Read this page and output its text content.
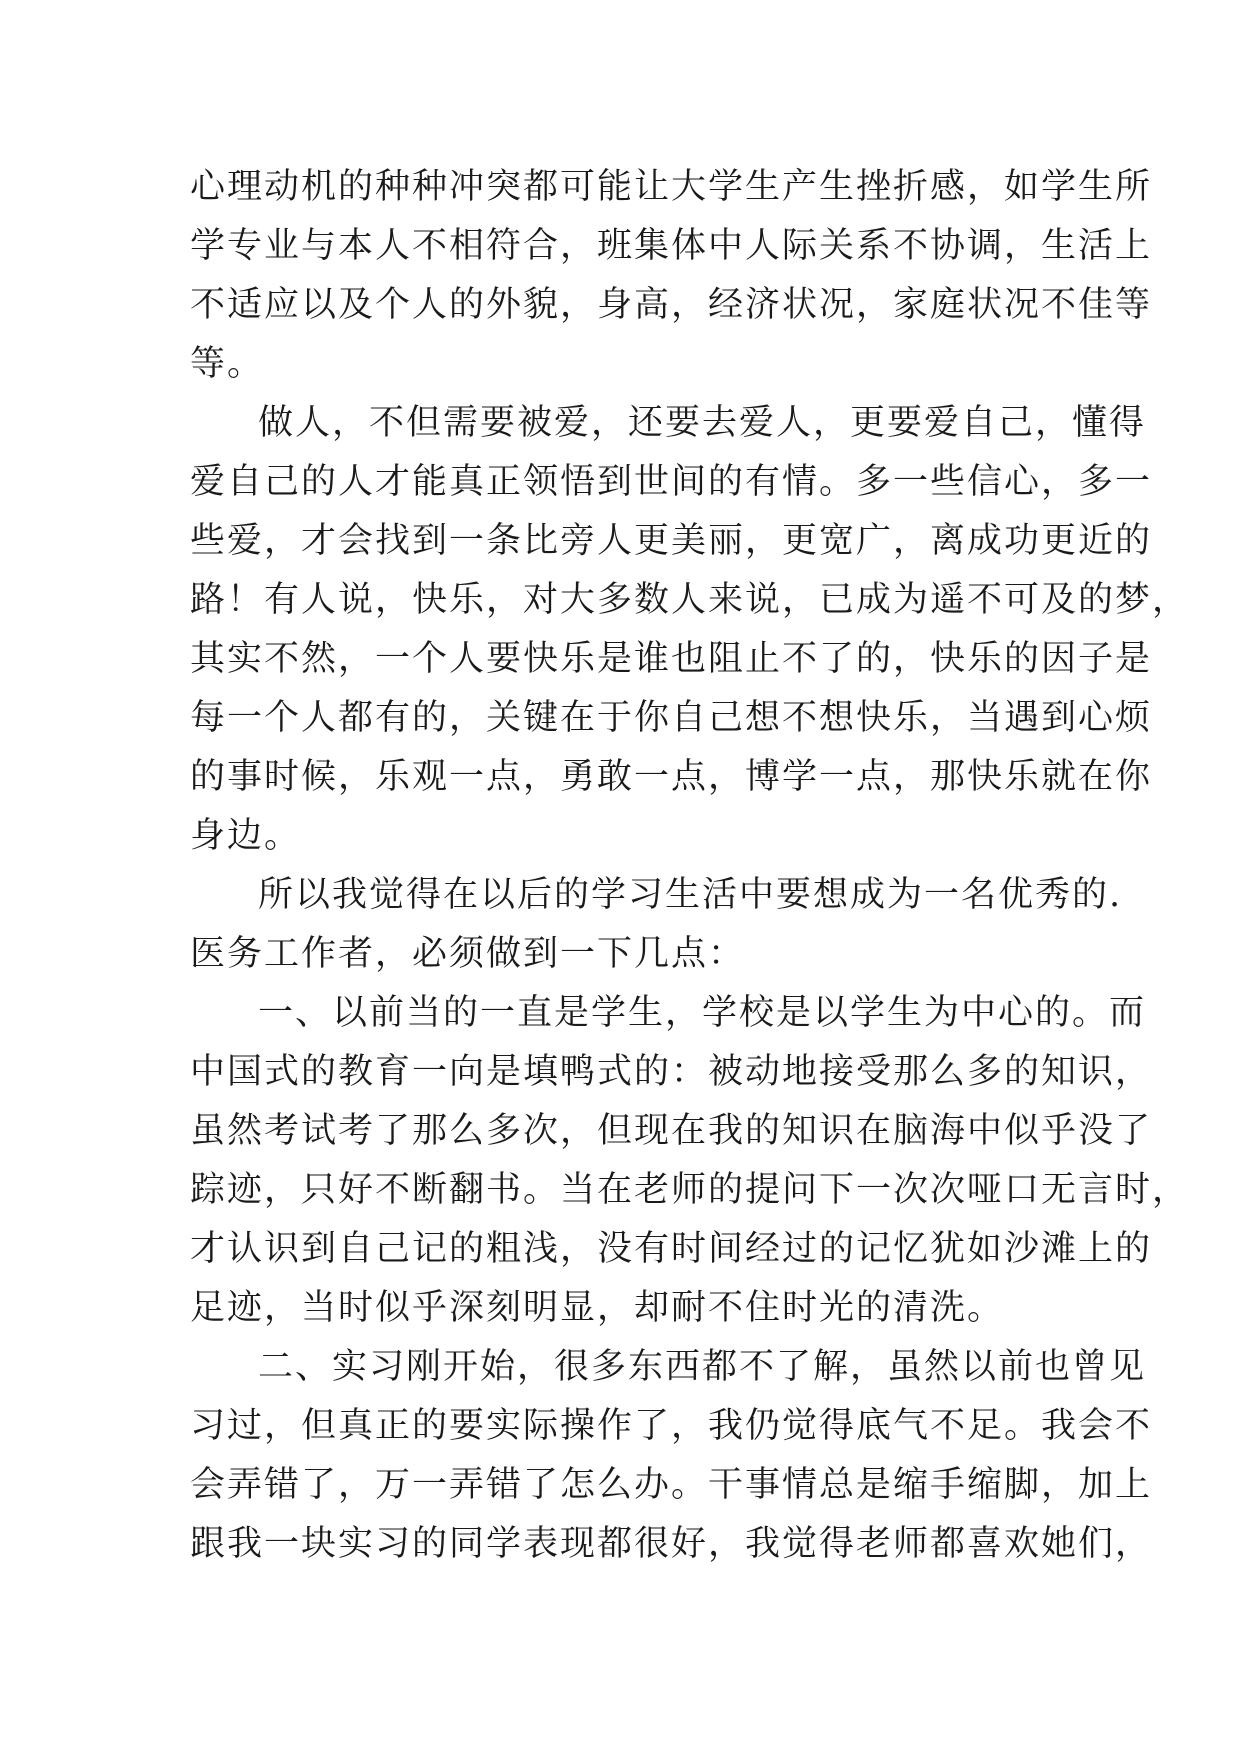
心理动机的种种冲突都可能让大学生产生挫折感，如学生所
学专业与本人不相符合，班集体中人际关系不协调，生活上
不适应以及个人的外貌，身高，经济状况，家庭状况不佳等
等。
做人，不但需要被爱，还要去爱人，更要爱自己，懂得
爱自己的人才能真正领悟到世间的有情。多一些信心，多一
些爱，才会找到一条比旁人更美丽，更宽广，离成功更近的
路！有人说，快乐，对大多数人来说，已成为遥不可及的梦，
其实不然，一个人要快乐是谁也阻止不了的，快乐的因子是
每一个人都有的，关键在于你自己想不想快乐，当遇到心烦
的事时候，乐观一点，勇敢一点，博学一点，那快乐就在你
身边。
所以我觉得在以后的学习生活中要想成为一名优秀的.
医务工作者，必须做到一下几点：
一、以前当的一直是学生，学校是以学生为中心的。而
中国式的教育一向是填鸭式的：被动地接受那么多的知识，
虽然考试考了那么多次，但现在我的知识在脑海中似乎没了
踪迹，只好不断翻书。当在老师的提问下一次次哑口无言时，
才认识到自己记的粗浅，没有时间经过的记忆犹如沙滩上的
足迹，当时似乎深刻明显，却耐不住时光的清洗。
二、实习刚开始，很多东西都不了解，虽然以前也曾见
习过，但真正的要实际操作了，我仍觉得底气不足。我会不
会弄错了，万一弄错了怎么办。干事情总是缩手缩脚，加上
跟我一块实习的同学表现都很好，我觉得老师都喜欢她们，
